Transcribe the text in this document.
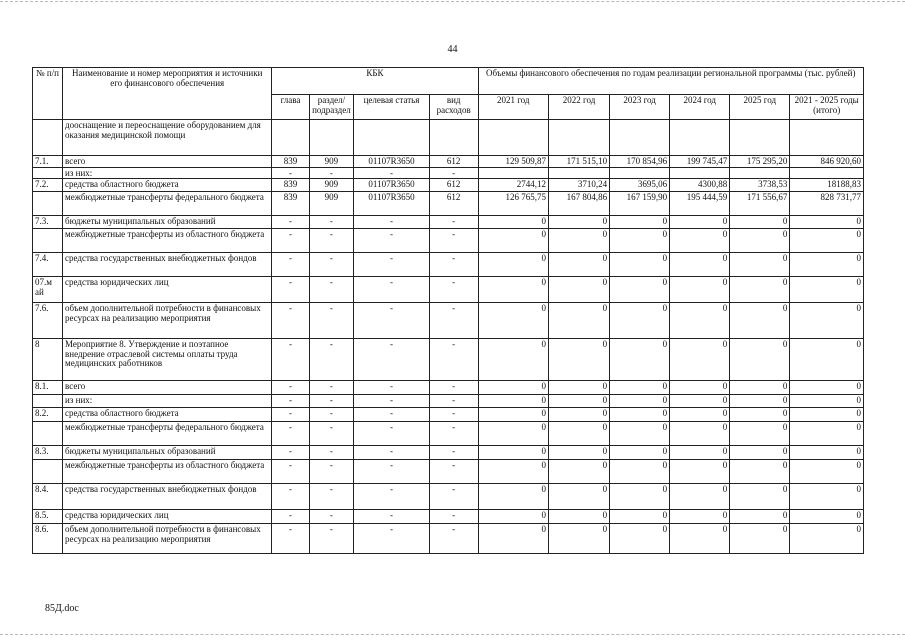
44
№ п/п	Наименование и номер мероприятия и источники его финансового обеспечения	КБК				Объемы финансового обеспечения по годам реализации региональной программы (тыс. рублей)					
		глава	раздел/ подраздел	целевая статья	вид расходов	2021 год	2022 год	2023 год	2024 год	2025 год	2021 - 2025 годы (итого)
	доoснащение и переоснащение оборудованием для оказания медицинской помощи										
7.1.	всего	839	909	01107R3650	612	129 509,87	171 515,10	170 854,96	199 745,47	175 295,20	846 920,60
	из них:	-	-	-	-						
7.2.	средства областного бюджета	839	909	01107R3650	612	2744,12	3710,24	3695,06	4300,88	3738,53	18188,83
	межбюджетные трансферты федерального бюджета	839	909	01107R3650	612	126 765,75	167 804,86	167 159,90	195 444,59	171 556,67	828 731,77
7.3.	бюджеты муниципальных образований	-	-	-	-	0	0	0	0	0	0
	межбюджетные трансферты из областного бюджета	-	-	-	-	0	0	0	0	0	0
7.4.	средства государственных внебюджетных фондов	-	-	-	-	0	0	0	0	0	0
07.м ай	средства юридических лиц	-	-	-	-	0	0	0	0	0	0
7.6.	объем дополнительной потребности в финансовых ресурсах на реализацию мероприятия	-	-	-	-	0	0	0	0	0	0
8	Мероприятие 8. Утверждение и поэтапное внедрение отраслевой системы оплаты труда медицинских работников	-	-	-	-	0	0	0	0	0	0
8.1.	всего	-	-	-	-	0	0	0	0	0	0
	из них:	-	-	-	-	0	0	0	0	0	0
8.2.	средства областного бюджета	-	-	-	-	0	0	0	0	0	0
	межбюджетные трансферты федерального бюджета	-	-	-	-	0	0	0	0	0	0
8.3.	бюджеты муниципальных образований	-	-	-	-	0	0	0	0	0	0
	межбюджетные трансферты из областного бюджета	-	-	-	-	0	0	0	0	0	0
8.4.	средства государственных внебюджетных фондов	-	-	-	-	0	0	0	0	0	0
8.5.	средства юридических лиц	-	-	-	-	0	0	0	0	0	0
8.6.	объем дополнительной потребности в финансовых ресурсах на реализацию мероприятия	-	-	-	-	0	0	0	0	0	0
85Д.doc
